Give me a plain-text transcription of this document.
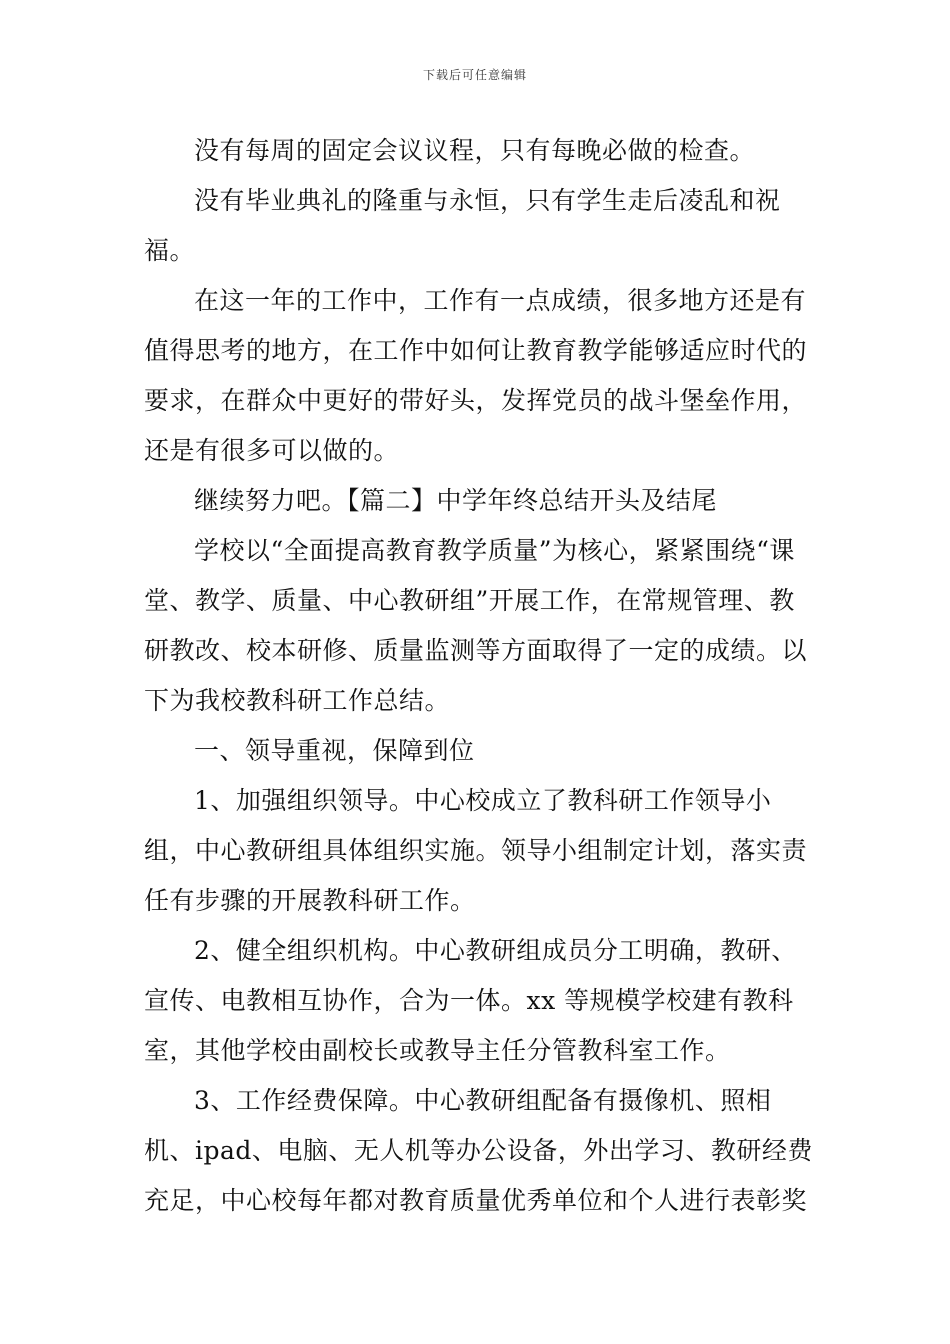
下载后可任意编辑

没有每周的固定会议议程，只有每晚必做的检查。

没有毕业典礼的隆重与永恒，只有学生走后凌乱和祝福。

在这一年的工作中，工作有一点成绩，很多地方还是有值得思考的地方，在工作中如何让教育教学能够适应时代的要求，在群众中更好的带好头，发挥党员的战斗堡垒作用，还是有很多可以做的。

继续努力吧。【篇二】中学年终总结开头及结尾

学校以“全面提高教育教学质量”为核心，紧紧围绕“课堂、教学、质量、中心教研组”开展工作，在常规管理、教研教改、校本研修、质量监测等方面取得了一定的成绩。以下为我校教科研工作总结。

一、领导重视，保障到位

1、加强组织领导。中心校成立了教科研工作领导小组，中心教研组具体组织实施。领导小组制定计划，落实责任有步骤的开展教科研工作。

2、健全组织机构。中心教研组成员分工明确，教研、宣传、电教相互协作，合为一体。xx 等规模学校建有教科室，其他学校由副校长或教导主任分管教科室工作。

3、工作经费保障。中心教研组配备有摄像机、照相机、ipad、电脑、无人机等办公设备，外出学习、教研经费充足，中心校每年都对教育质量优秀单位和个人进行表彰奖
